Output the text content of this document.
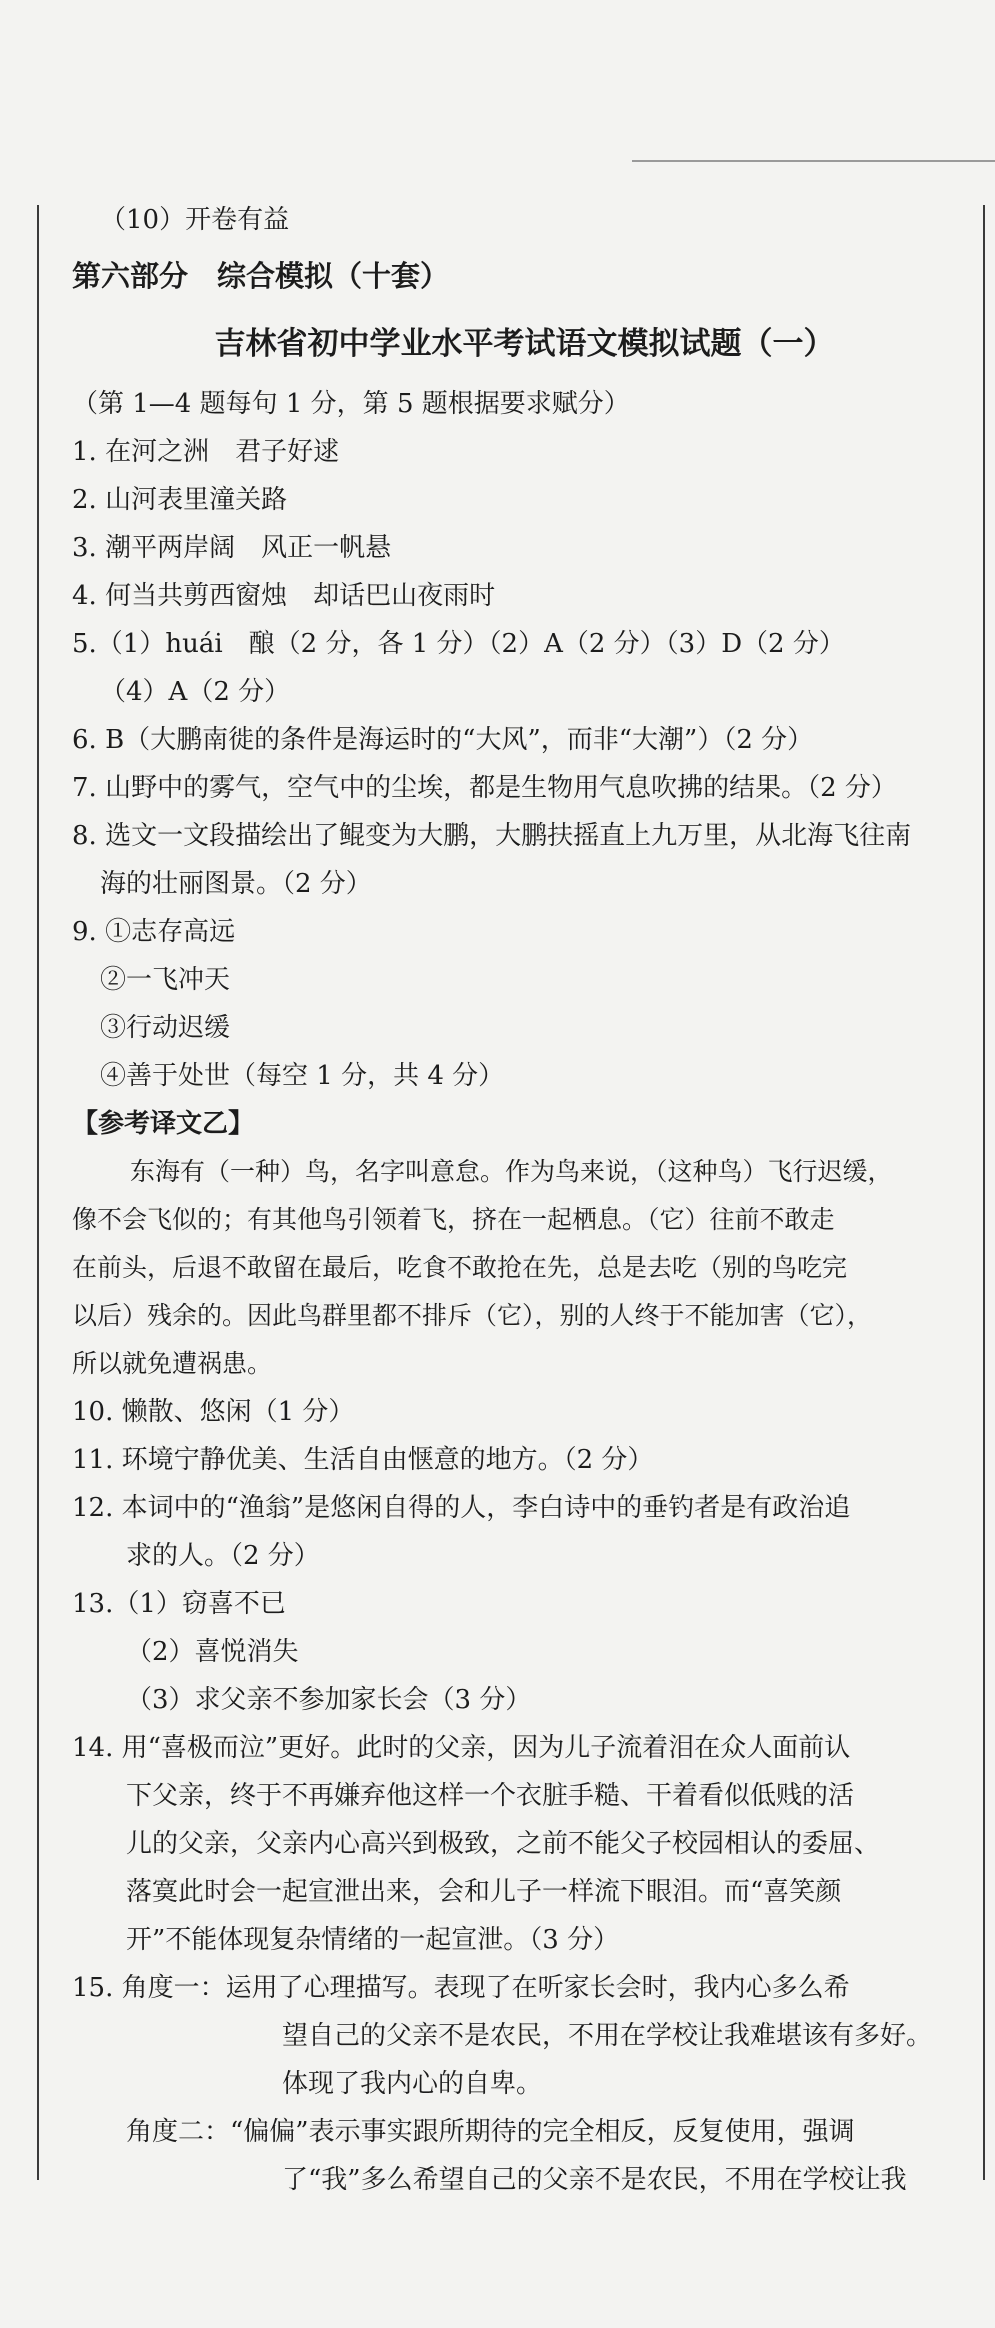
（10）开卷有益
第六部分　综合模拟（十套）
吉林省初中学业水平考试语文模拟试题（一）
（第 1—4 题每句 1 分，第 5 题根据要求赋分）
1. 在河之洲　君子好逑
2. 山河表里潼关路
3. 潮平两岸阔　风正一帆悬
4. 何当共剪西窗烛　却话巴山夜雨时
5.（1）huái　酿（2 分，各 1 分）（2）A（2 分）（3）D（2 分）
（4）A（2 分）
6. B（大鹏南徙的条件是海运时的“大风”，而非“大潮”）（2 分）
7. 山野中的雾气，空气中的尘埃，都是生物用气息吹拂的结果。（2 分）
8. 选文一文段描绘出了鲲变为大鹏，大鹏扶摇直上九万里，从北海飞往南
海的壮丽图景。（2 分）
9. ①志存高远
②一飞冲天
③行动迟缓
④善于处世（每空 1 分，共 4 分）
【参考译文乙】
东海有（一种）鸟，名字叫意怠。作为鸟来说，（这种鸟）飞行迟缓，
像不会飞似的；有其他鸟引领着飞，挤在一起栖息。（它）往前不敢走
在前头，后退不敢留在最后，吃食不敢抢在先，总是去吃（别的鸟吃完
以后）残余的。因此鸟群里都不排斥（它），别的人终于不能加害（它），
所以就免遭祸患。
10. 懒散、悠闲（1 分）
11. 环境宁静优美、生活自由惬意的地方。（2 分）
12. 本词中的“渔翁”是悠闲自得的人，李白诗中的垂钓者是有政治追
求的人。（2 分）
13.（1）窃喜不已
（2）喜悦消失
（3）求父亲不参加家长会（3 分）
14. 用“喜极而泣”更好。此时的父亲，因为儿子流着泪在众人面前认
下父亲，终于不再嫌弃他这样一个衣脏手糙、干着看似低贱的活
儿的父亲，父亲内心高兴到极致，之前不能父子校园相认的委屈、
落寞此时会一起宣泄出来，会和儿子一样流下眼泪。而“喜笑颜
开”不能体现复杂情绪的一起宣泄。（3 分）
15. 角度一：运用了心理描写。表现了在听家长会时，我内心多么希
望自己的父亲不是农民，不用在学校让我难堪该有多好。
体现了我内心的自卑。
角度二：“偏偏”表示事实跟所期待的完全相反，反复使用，强调
了“我”多么希望自己的父亲不是农民，不用在学校让我
